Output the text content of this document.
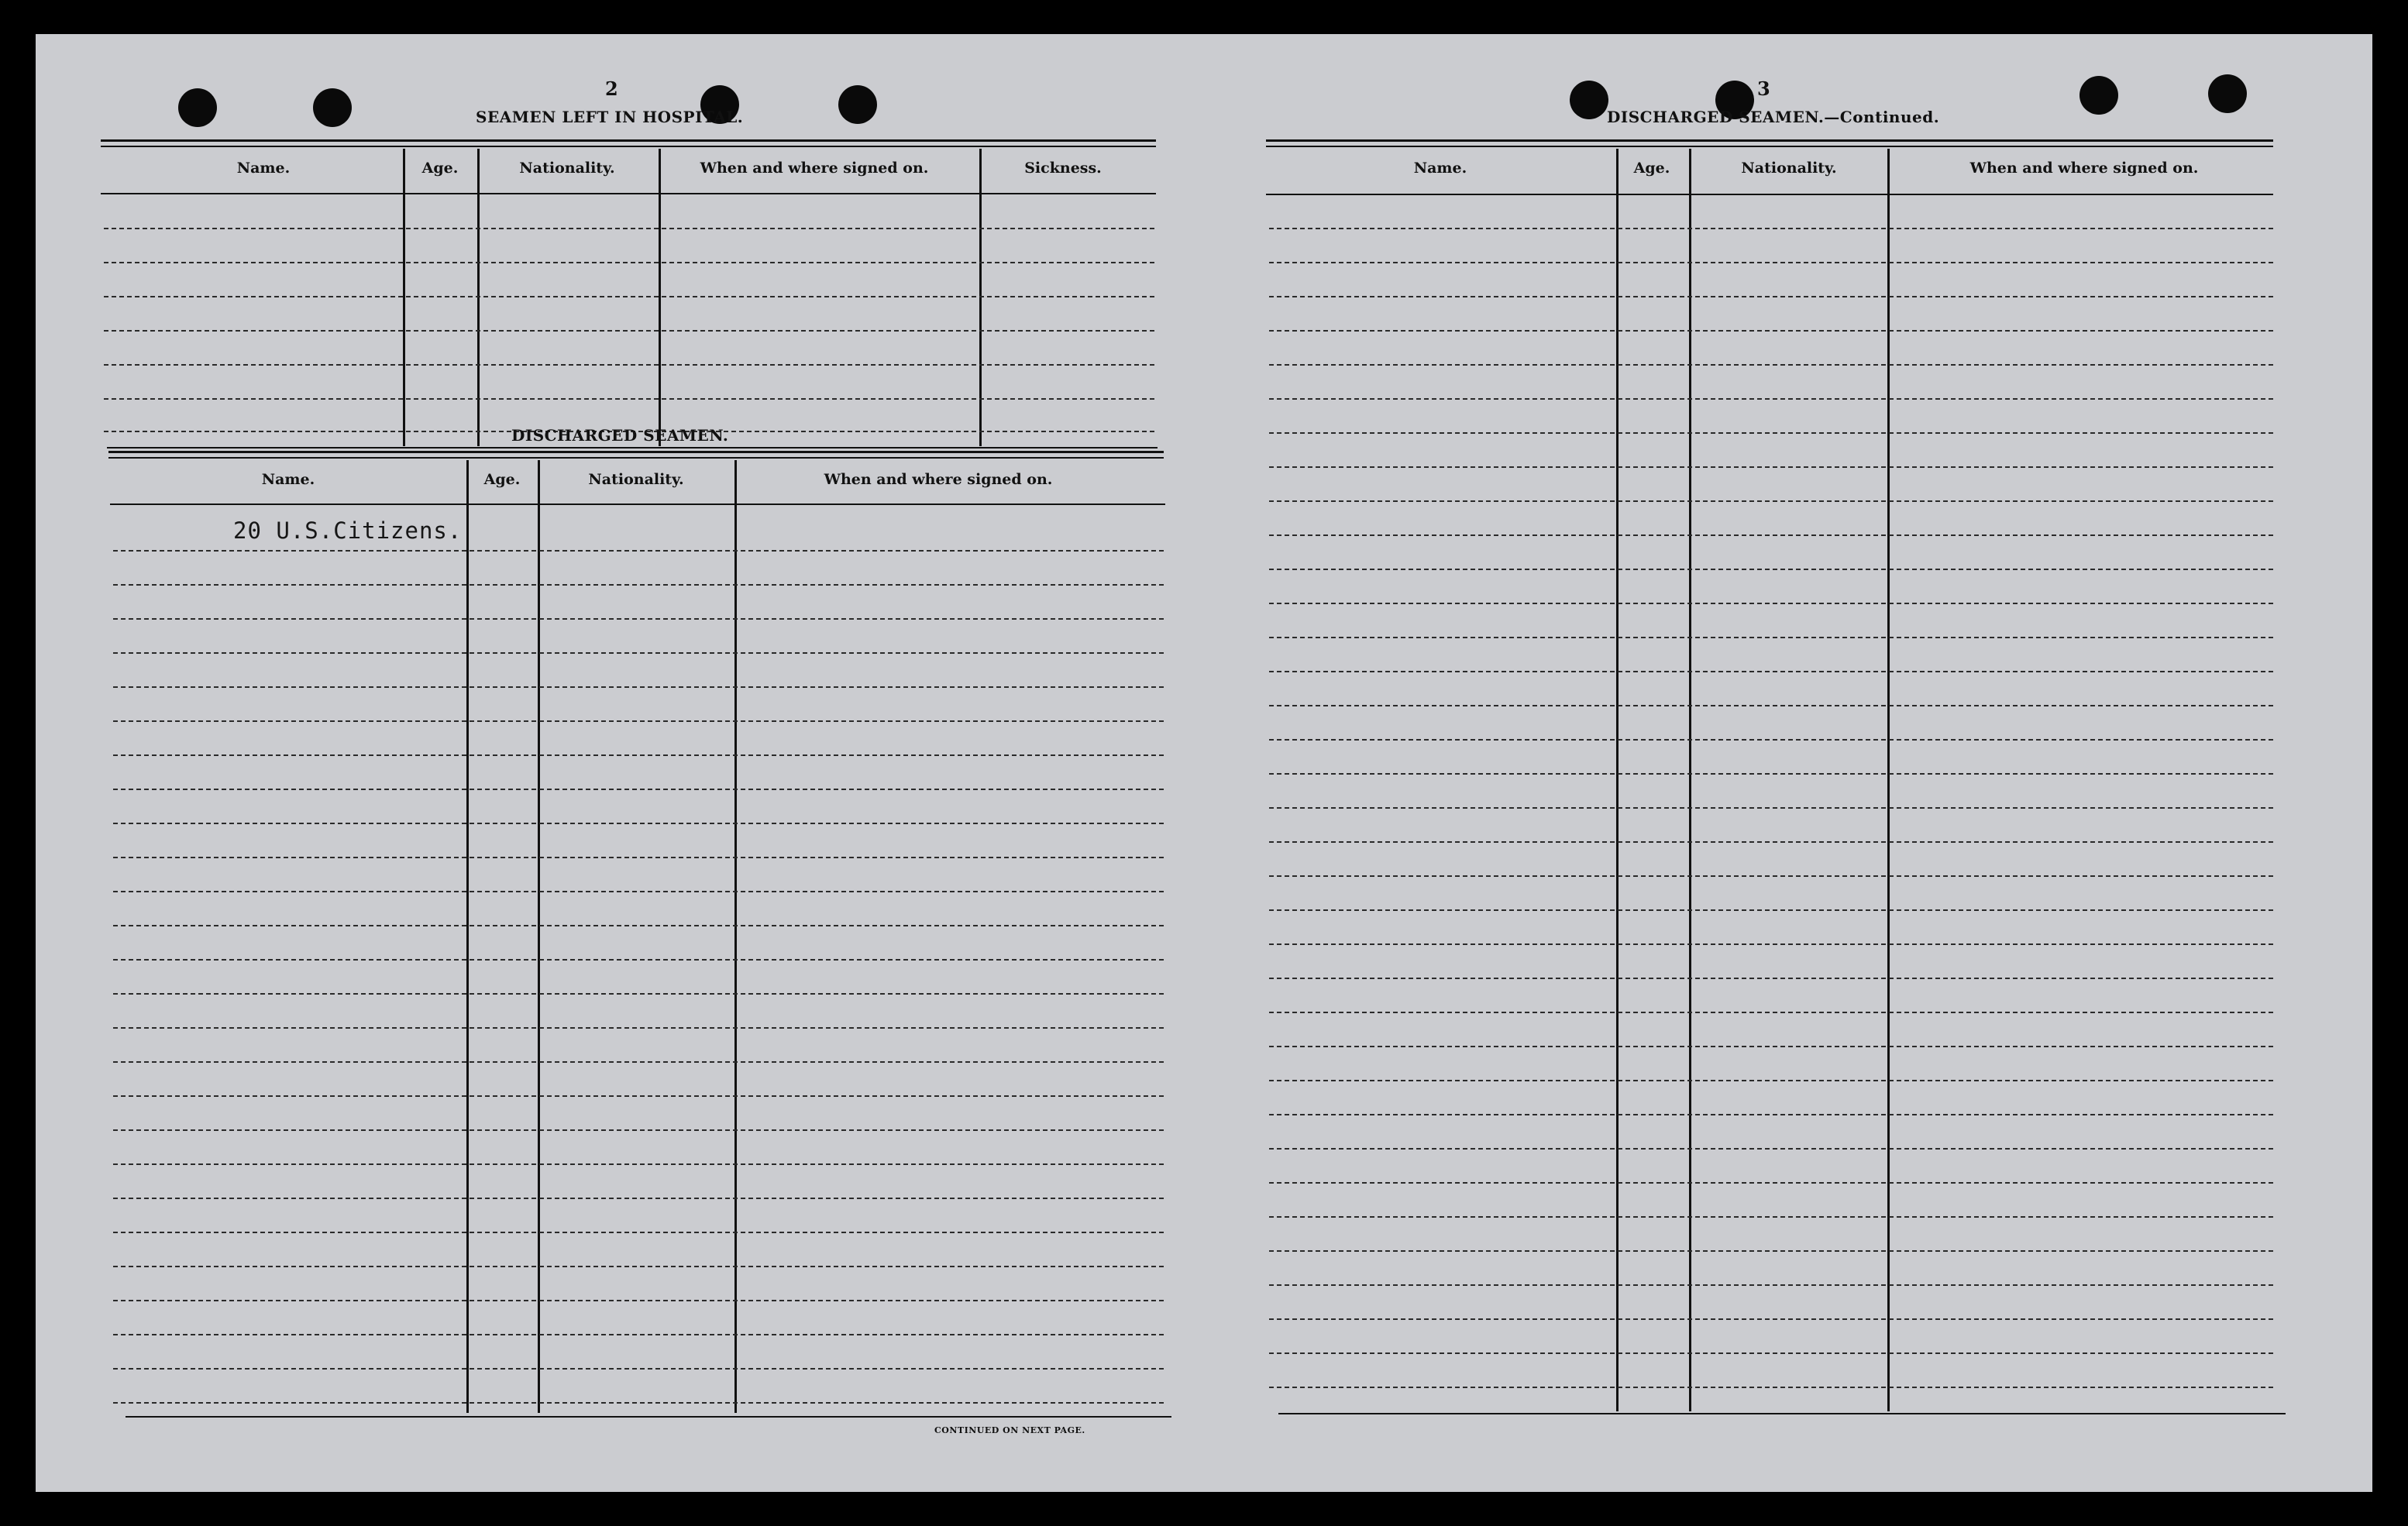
2
SEAMEN LEFT IN HOSPITAL.
Name.	Age.	Nationality.	When and where signed on.	Sickness.
DISCHARGED SEAMEN.
Name.	Age.	Nationality.	When and where signed on.
20 U.S.Citizens.
CONTINUED ON NEXT PAGE.
3
DISCHARGED SEAMEN.—Continued.
Name.	Age.	Nationality.	When and where signed on.
